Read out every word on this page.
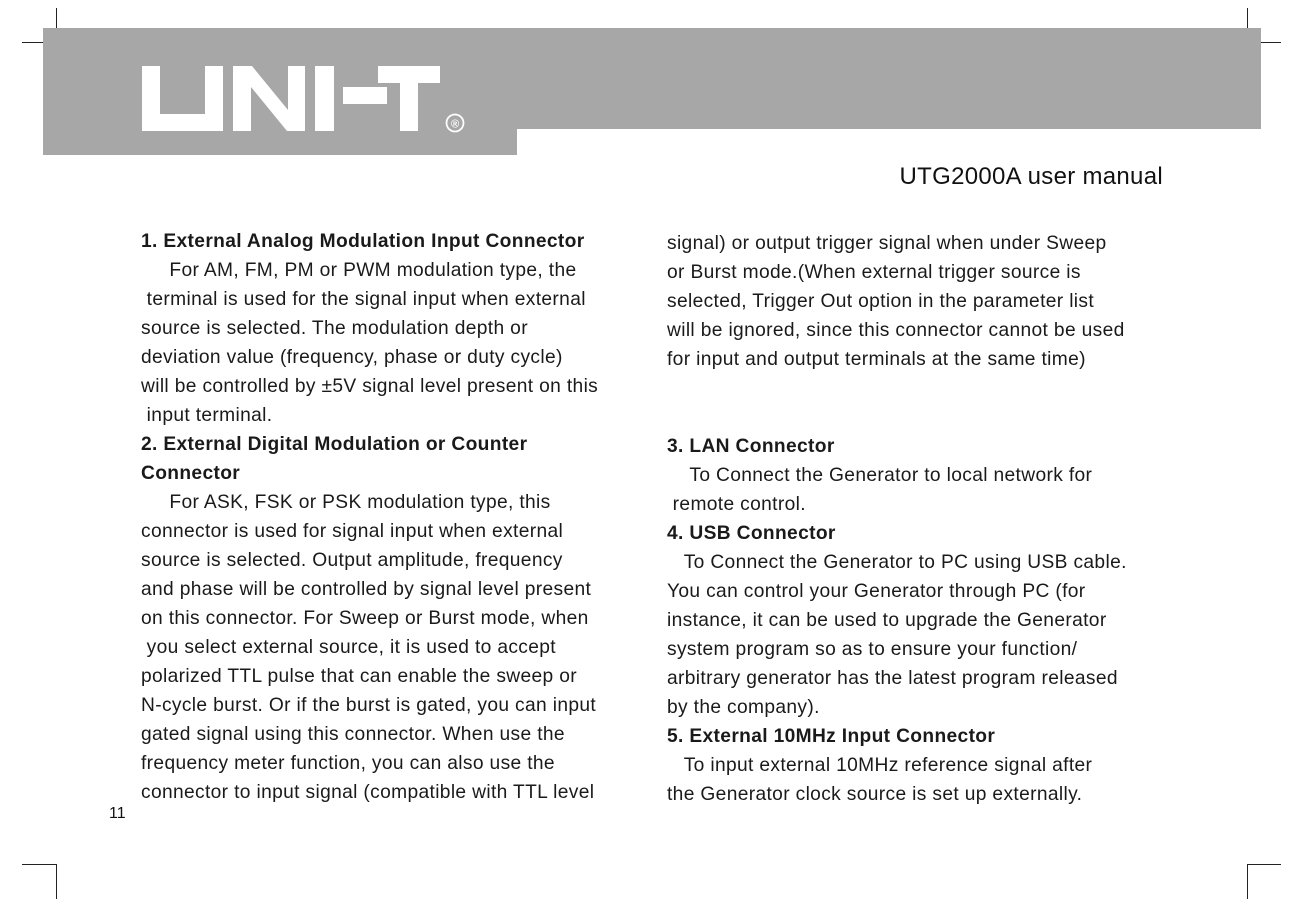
®
UTG2000A user manual
1. External Analog Modulation Input Connector
For AM, FM, PM or PWM modulation type, the
terminal is used for the signal input when external
source is selected. The modulation depth or
deviation value (frequency, phase or duty cycle)
will be controlled by ±5V signal level present on this
input terminal.
2. External Digital Modulation or Counter
Connector
For ASK, FSK or PSK modulation type, this
connector is used for signal input when external
source is selected. Output amplitude, frequency
and phase will be controlled by signal level present
on this connector. For Sweep or Burst mode, when
you select external source, it is used to accept
polarized TTL pulse that can enable the sweep or
N-cycle burst. Or if the burst is gated, you can input
gated signal using this connector. When use the
frequency meter function, you can also use the
connector to input signal (compatible with TTL level
signal) or output trigger signal when under Sweep
or Burst mode.(When external trigger source is
selected, Trigger Out option in the parameter list
will be ignored, since this connector cannot be used
for input and output terminals at the same time)
3. LAN Connector
To Connect the Generator to local network for
remote control.
4. USB Connector
To Connect the Generator to PC using USB cable.
You can control your Generator through PC (for
instance, it can be used to upgrade the Generator
system program so as to ensure your function/
arbitrary generator has the latest program released
by the company).
5. External 10MHz Input Connector
To input external 10MHz reference signal after
the Generator clock source is set up externally.
11
